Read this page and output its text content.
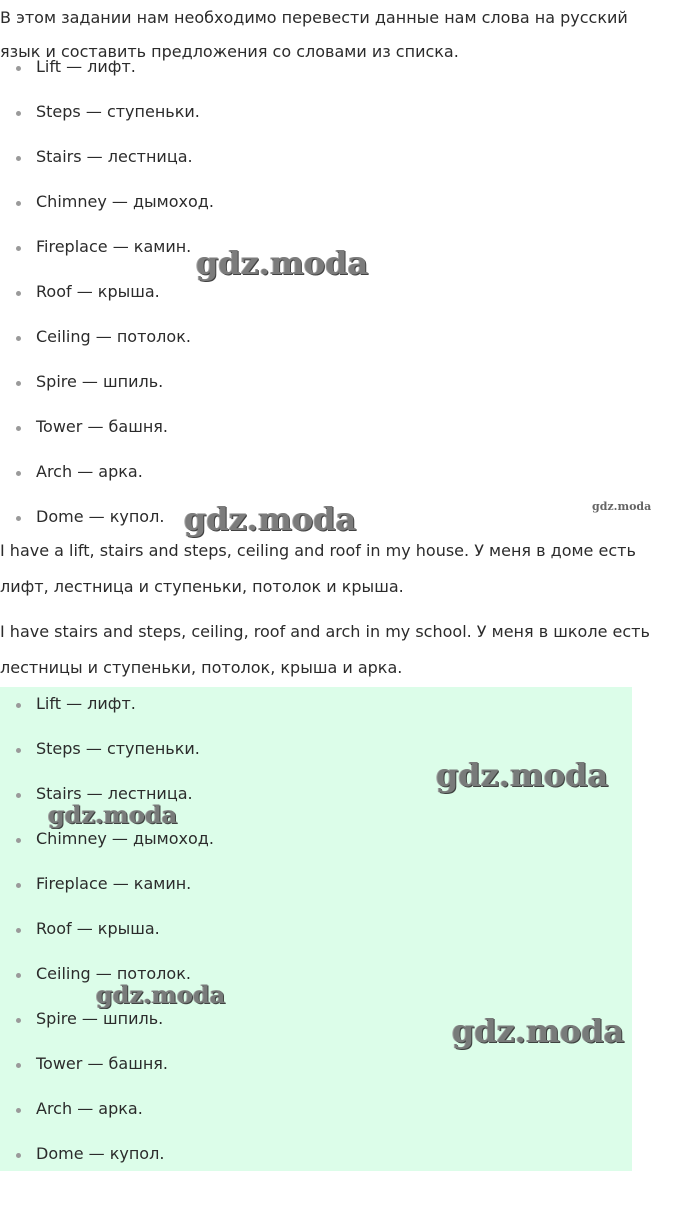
В этом задании нам необходимо перевести данные нам слова на русский
язык и составить предложения со словами из списка.
Lift — лифт.
Steps — ступеньки.
Stairs — лестница.
Chimney — дымоход.
Fireplace — камин.
Roof — крыша.
Ceiling — потолок.
Spire — шпиль.
Tower — башня.
Arch — арка.
Dome — купол.

I have a lift, stairs and steps, ceiling and roof in my house. У меня в доме есть лифт, лестница и ступеньки, потолок и крыша.

I have stairs and steps, ceiling, roof and arch in my school. У меня в школе есть лестницы и ступеньки, потолок, крыша и арка.

Lift — лифт.
Steps — ступеньки.
Stairs — лестница.
Chimney — дымоход.
Fireplace — камин.
Roof — крыша.
Ceiling — потолок.
Spire — шпиль.
Tower — башня.
Arch — арка.
Dome — купол.
gdz.moda
gdz.moda	gdz.moda
gdz.moda
gdz.moda
gdz.moda
gdz.moda
